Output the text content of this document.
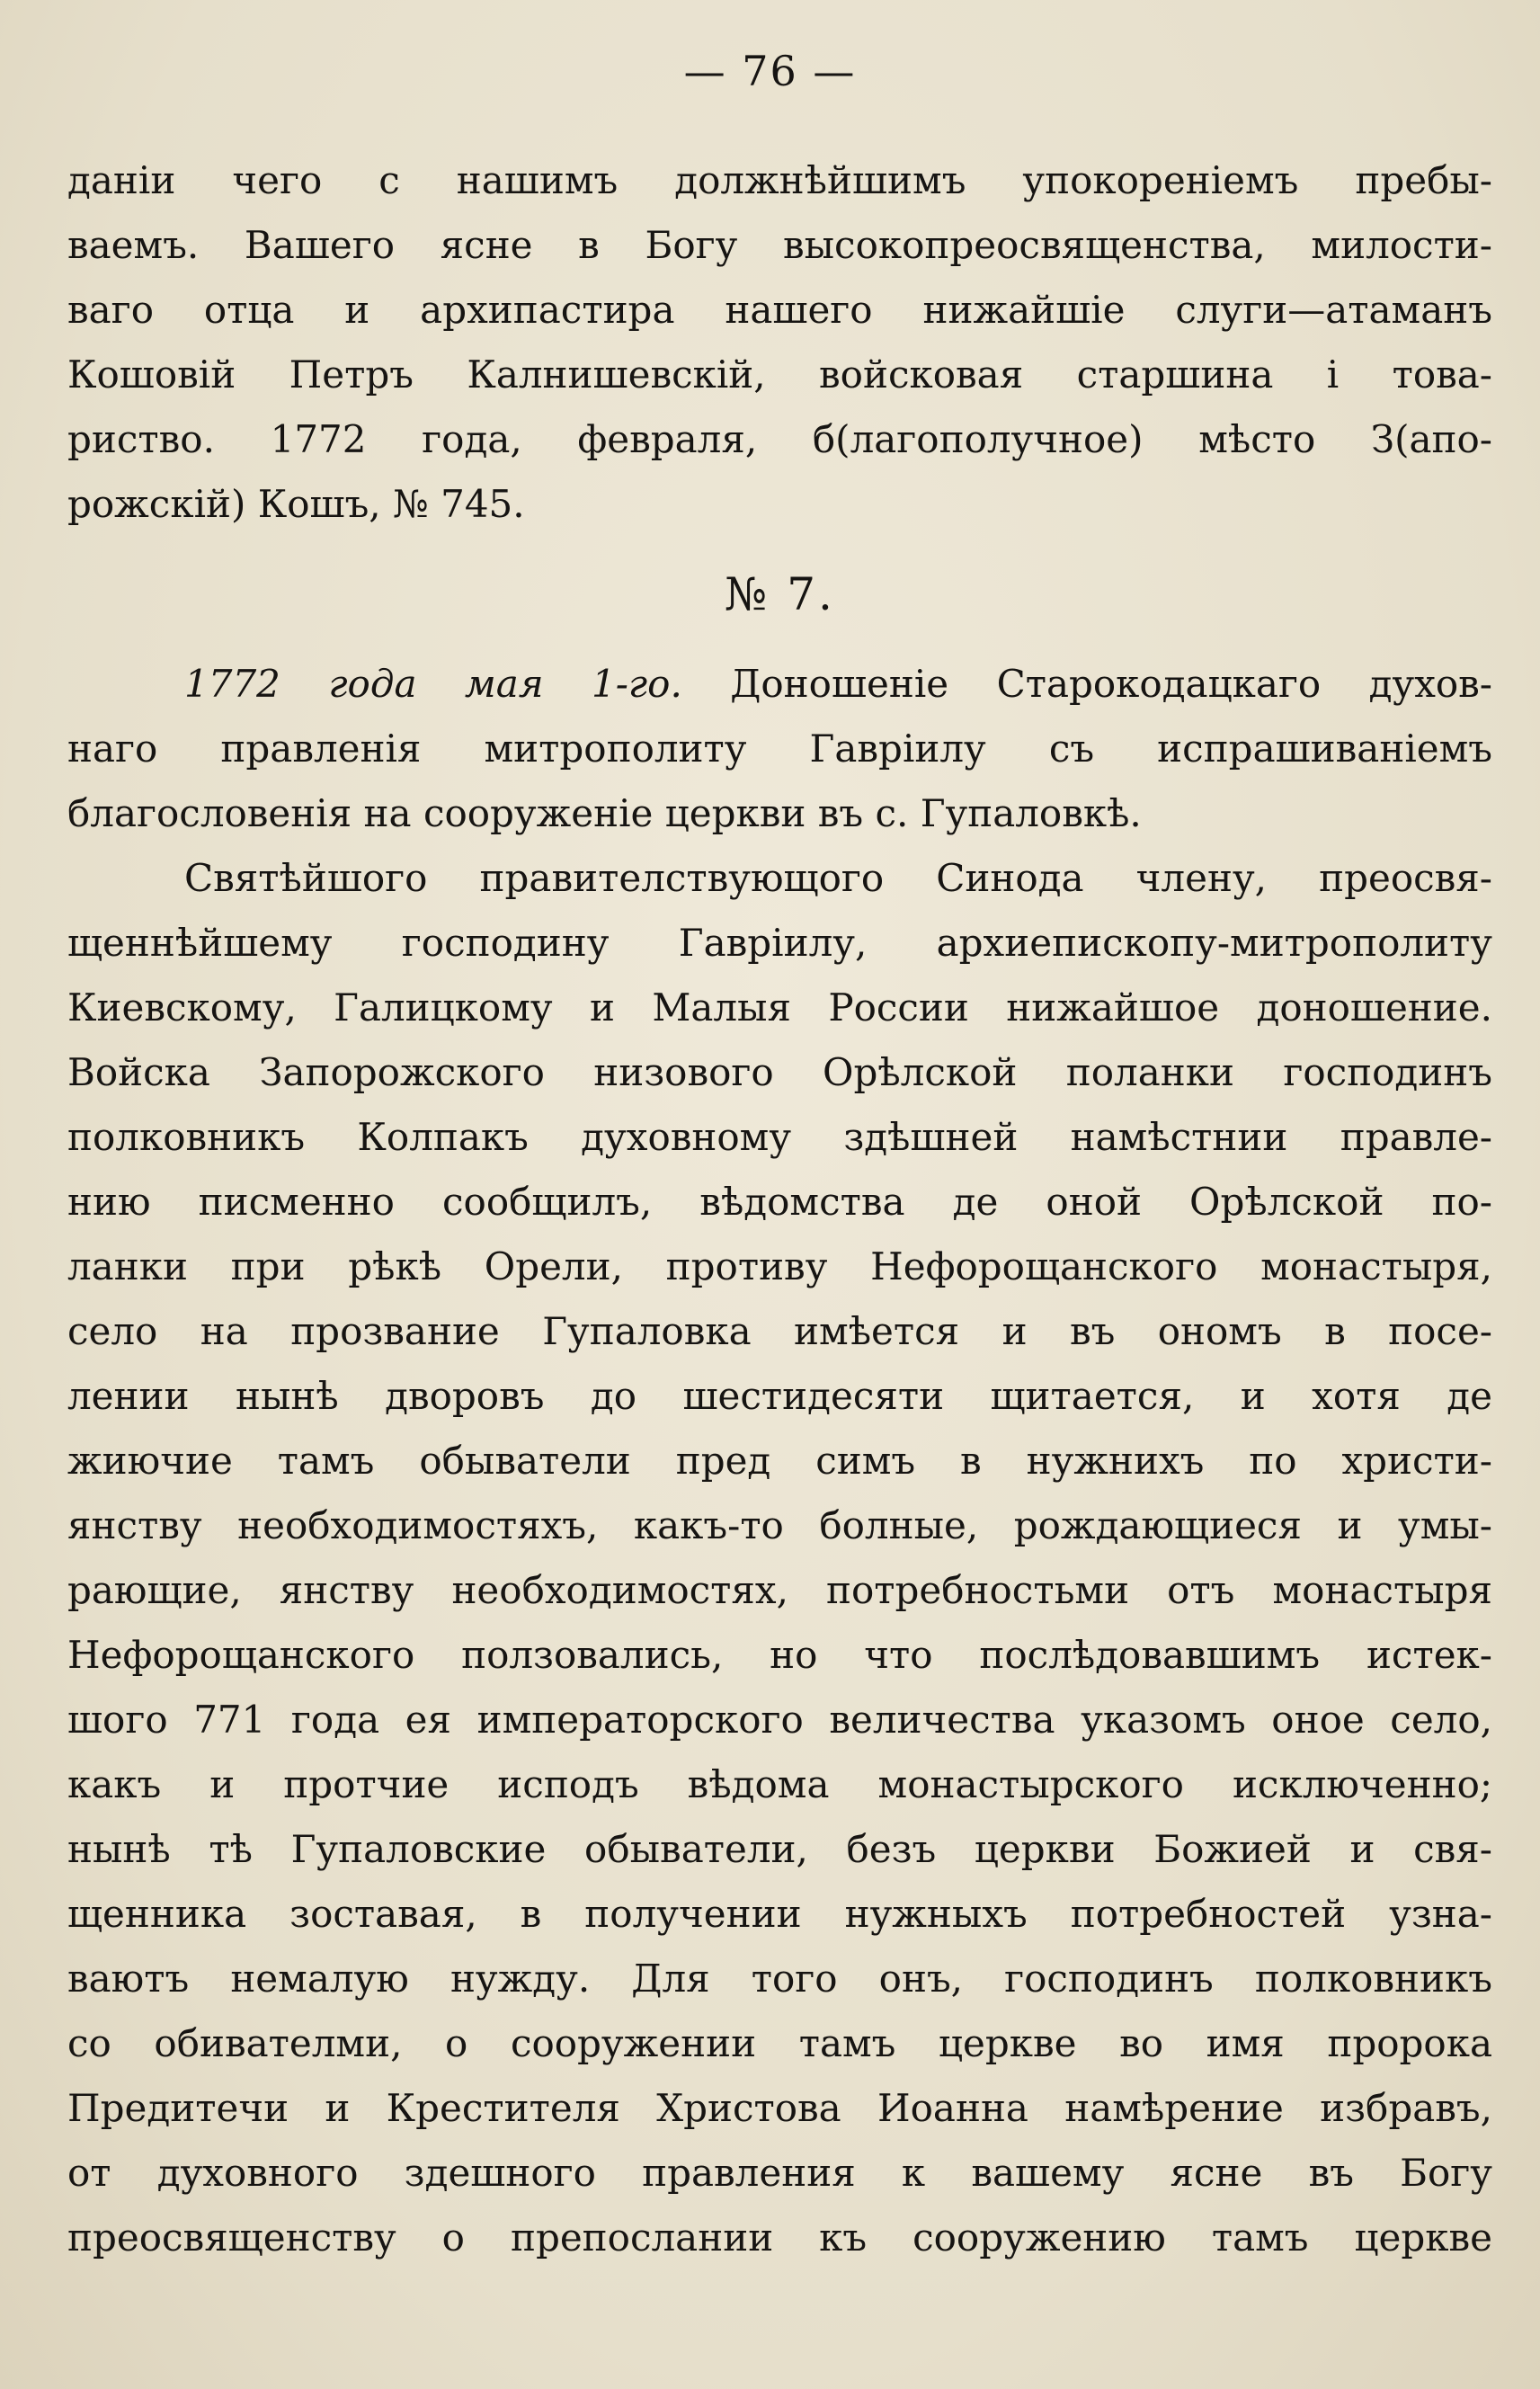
— 76 —
даніи чего с нашимъ должнѣйшимъ упокореніемъ пребы-
ваемъ. Вашего ясне в Богу высокопреосвященства, милости-
ваго отца и архипастира нашего нижайшіе слуги—атаманъ
Кошовій Петръ Калнишевскій, войсковая старшина і това-
риство. 1772 года, февраля, б(лагополучное) мѣсто З(апо-
рожскій) Кошъ, № 745.
№ 7.
1772 года мая 1-го. Доношеніе Старокодацкаго духов-
наго правленія митрополиту Гавріилу съ испрашиваніемъ
благословенія на сооруженіе церкви въ с. Гупаловкѣ.
Святѣйшого правителствующого Синода члену, преосвя-
щеннѣйшему господину Гавріилу, архиепископу-митрополиту
Киевскому, Галицкому и Малыя России нижайшое доношение.
Войска Запорожского низового Орѣлской поланки господинъ
полковникъ Колпакъ духовному здѣшней намѣстнии правле-
нию писменно сообщилъ, вѣдомства де оной Орѣлской по-
ланки при рѣкѣ Орели, противу Нефорощанского монастыря,
село на прозвание Гупаловка имѣется и въ ономъ в посе-
лении нынѣ дворовъ до шестидесяти щитается, и хотя де
жиючие тамъ обыватели пред симъ в нужнихъ по христи-
янству необходимостяхъ, какъ-то болные, рождающиеся и умы-
рающие, янству необходимостях, потребностьми отъ монастыря
Нефорощанского ползовались, но что послѣдовавшимъ истек-
шого 771 года ея императорского величества указомъ оное село,
какъ и протчие исподъ вѣдома монастырского исключенно;
нынѣ тѣ Гупаловские обыватели, безъ церкви Божией и свя-
щенника зоставая, в получении нужныхъ потребностей узна-
ваютъ немалую нужду. Для того онъ, господинъ полковникъ
со обивателми, о сооружении тамъ церкве во имя пророка
Предитечи и Крестителя Христова Иоанна намѣрение избравъ,
от духовного здешного правления к вашему ясне въ Богу
преосвященству о препослании къ сооружению тамъ церкве
